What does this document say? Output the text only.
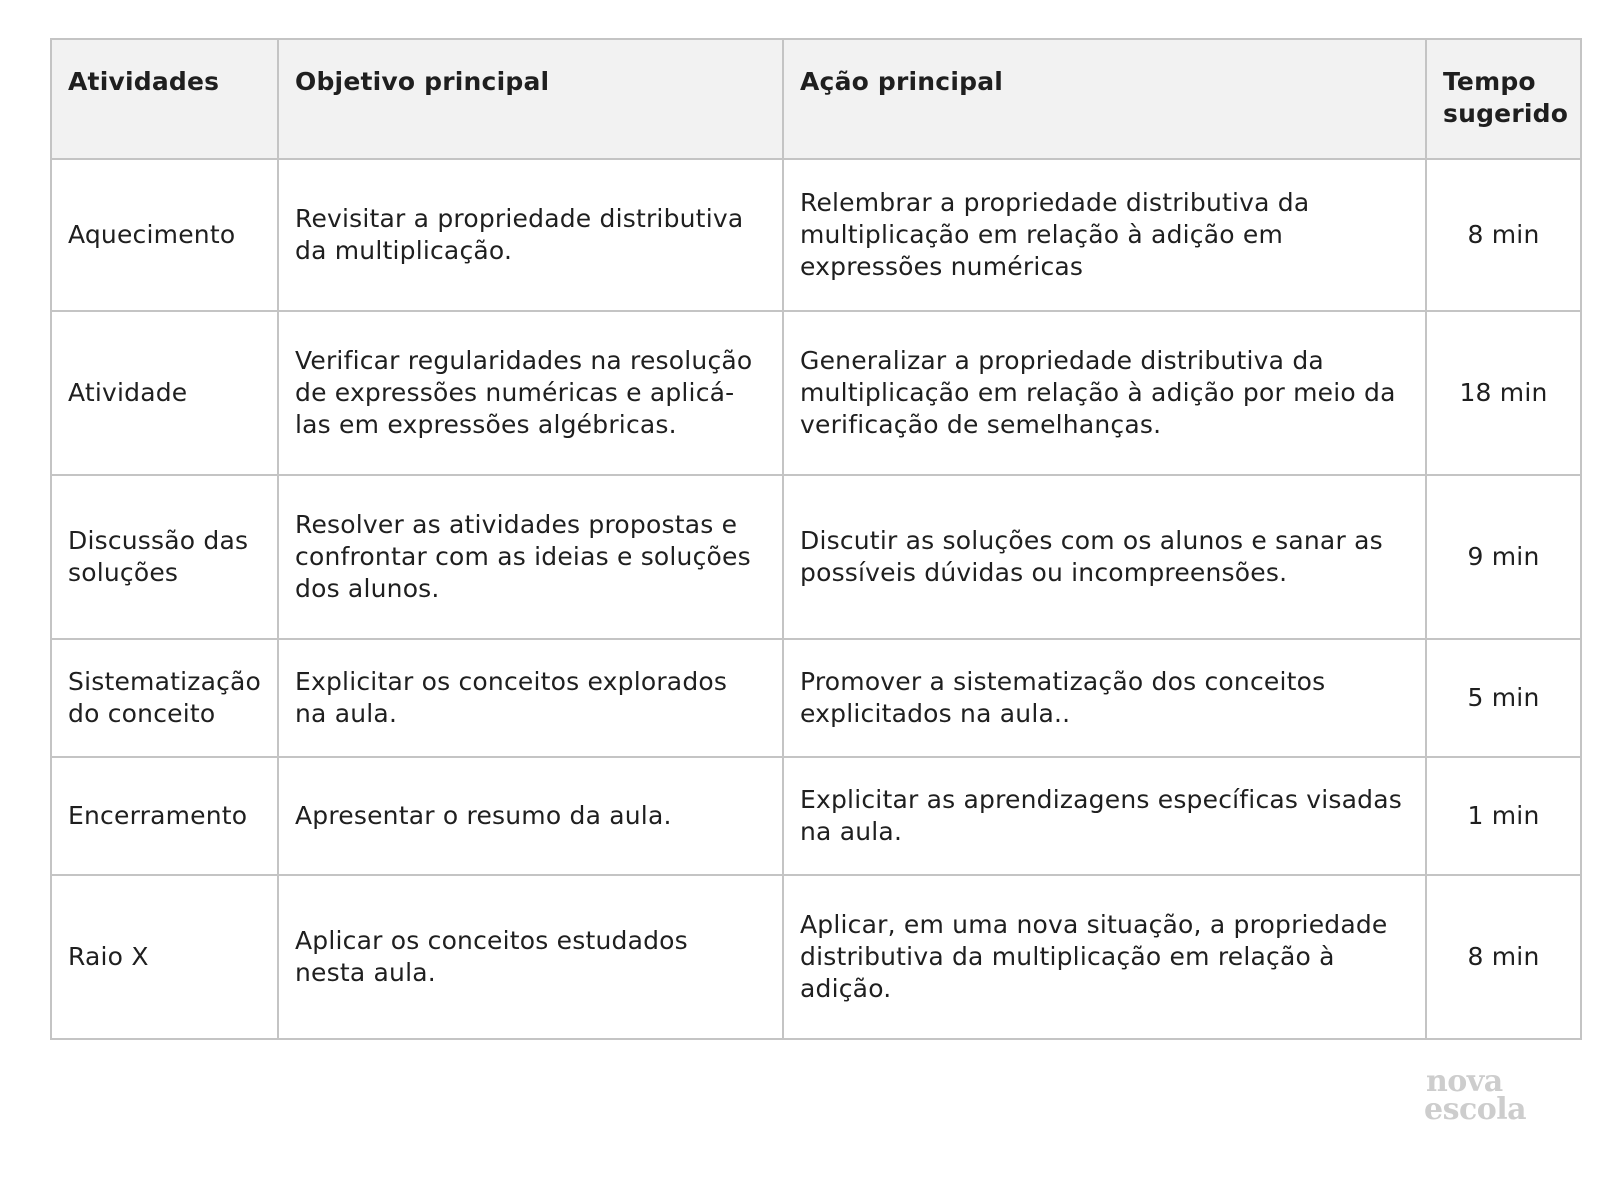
Atividades	Objetivo principal	Ação principal	Tempo sugerido
Aquecimento	Revisitar a propriedade distributiva da multiplicação.	Relembrar a propriedade distributiva da multiplicação em relação à adição em expressões numéricas	8 min
Atividade	Verificar regularidades na resolução de expressões numéricas e aplicá-las em expressões algébricas.	Generalizar a propriedade distributiva da multiplicação em relação à adição por meio da verificação de semelhanças.	18 min
Discussão das soluções	Resolver as atividades propostas e confrontar com as ideias e soluções dos alunos.	Discutir as soluções com os alunos e sanar as possíveis dúvidas ou incompreensões.	9 min
Sistematização do conceito	Explicitar os conceitos explorados na aula.	Promover a sistematização dos conceitos explicitados na aula..	5 min
Encerramento	Apresentar o resumo da aula.	Explicitar as aprendizagens específicas visadas na aula.	1 min
Raio X	Aplicar os conceitos estudados nesta aula.	Aplicar, em uma nova situação, a propriedade distributiva da multiplicação em relação à adição.	8 min
nova
escola
